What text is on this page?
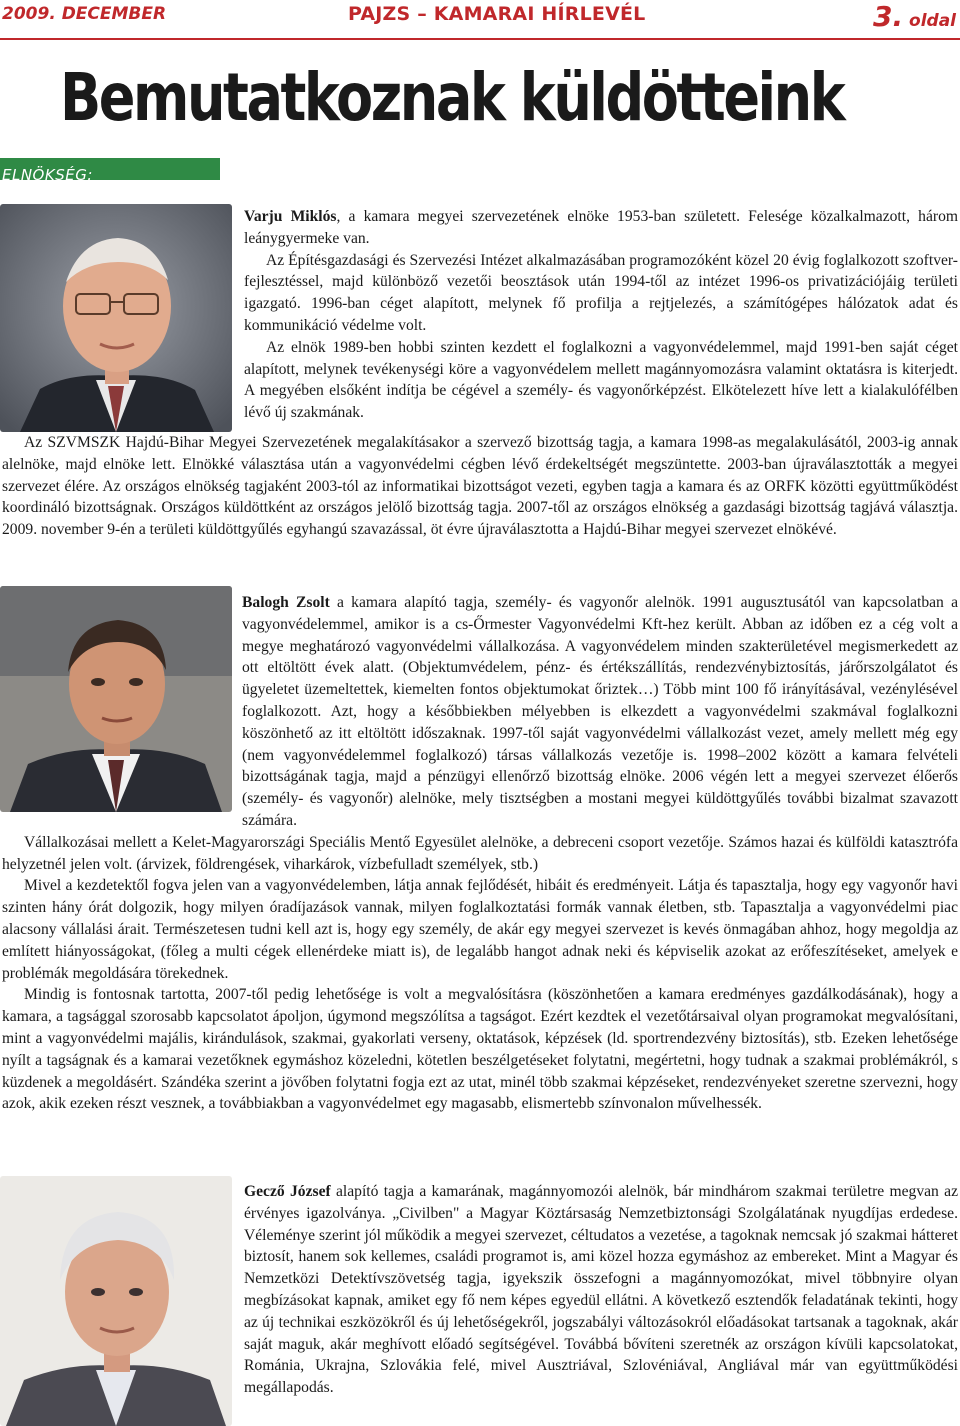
2009. DECEMBER	PAJZS – KAMARAI HÍRLEVÉL	3. oldal
Bemutatkoznak küldötteink
ELNÖKSÉG:

Varju Miklós, a kamara megyei szervezetének elnöke 1953-ban született. Felesége közalkalmazott, három leánygyermeke van.

Az Építésgazdasági és Szervezési Intézet alkalmazásában programozóként közel 20 évig foglalkozott szoftver-fejlesztéssel, majd különböző vezetői beosztások után 1994-től az intézet 1996-os privatizációjáig területi igazgató. 1996-ban céget alapított, melynek fő profilja a rejtjelezés, a számítógépes hálózatok adat és kommunikáció védelme volt.

Az elnök 1989-ben hobbi szinten kezdett el foglalkozni a vagyonvédelemmel, majd 1991-ben saját céget alapított, melynek tevékenységi köre a vagyonvédelem mellett magánnyomozásra valamint oktatásra is kiterjedt. A megyében elsőként indítja be cégével a személy- és vagyonőrképzést. Elkötelezett híve lett a kialakulófélben lévő új szakmának.

Az SZVMSZK Hajdú-Bihar Megyei Szervezetének megalakításakor a szervező bizottság tagja, a kamara 1998-as megalakulásától, 2003-ig annak alelnöke, majd elnöke lett. Elnökké választása után a vagyonvédelmi cégben lévő érdekeltségét megszüntette. 2003-ban újraválasztották a megyei szervezet élére. Az országos elnökség tagjaként 2003-tól az informatikai bizottságot vezeti, egyben tagja a kamara és az ORFK közötti együttműködést koordináló bizottságnak. Országos küldöttként az országos jelölő bizottság tagja. 2007-től az országos elnökség a gazdasági bizottság tagjává választja. 2009. november 9-én a területi küldöttgyűlés egyhangú szavazással, öt évre újraválasztotta a Hajdú-Bihar megyei szervezet elnökévé.

Balogh Zsolt a kamara alapító tagja, személy- és vagyonőr alelnök. 1991 augusztusától van kapcsolatban a vagyonvédelemmel, amikor is a cs-Őrmester Vagyonvédelmi Kft-hez került. Abban az időben ez a cég volt a megye meghatározó vagyonvédelmi vállalkozása. A vagyonvédelem minden szakterületével megismerkedett az ott eltöltött évek alatt. (Objektumvédelem, pénz- és értékszállítás, rendezvénybiztosítás, járőrszolgálatot és ügyeletet üzemeltettek, kiemelten fontos objektumokat őriztek…) Több mint 100 fő irányításával, vezénylésével foglalkozott. Azt, hogy a későbbiekben mélyebben is elkezdett a vagyonvédelmi szakmával foglalkozni köszönhető az itt eltöltött időszaknak. 1997-től saját vagyonvédelmi vállalkozást vezet, amely mellett még egy (nem vagyonvédelemmel foglalkozó) társas vállalkozás vezetője is. 1998–2002 között a kamara felvételi bizottságának tagja, majd a pénzügyi ellenőrző bizottság elnöke. 2006 végén lett a megyei szervezet élőerős (személy- és vagyonőr) alelnöke, mely tisztségben a mostani megyei küldöttgyűlés további bizalmat szavazott számára.

Vállalkozásai mellett a Kelet-Magyarországi Speciális Mentő Egyesület alelnöke, a debreceni csoport vezetője. Számos hazai és külföldi katasztrófa helyzetnél jelen volt. (árvizek, földrengések, viharkárok, vízbefulladt személyek, stb.)

Mivel a kezdetektől fogva jelen van a vagyonvédelemben, látja annak fejlődését, hibáit és eredményeit. Látja és tapasztalja, hogy egy vagyonőr havi szinten hány órát dolgozik, hogy milyen óradíjazások vannak, milyen foglalkoztatási formák vannak életben, stb. Tapasztalja a vagyonvédelmi piac alacsony vállalási árait. Természetesen tudni kell azt is, hogy egy személy, de akár egy megyei szervezet is kevés önmagában ahhoz, hogy megoldja az említett hiányosságokat, (főleg a multi cégek ellenérdeke miatt is), de legalább hangot adnak neki és képviselik azokat az erőfeszítéseket, amelyek e problémák megoldására törekednek.

Mindig is fontosnak tartotta, 2007-től pedig lehetősége is volt a megvalósításra (köszönhetően a kamara eredményes gazdálkodásának), hogy a kamara, a tagsággal szorosabb kapcsolatot ápoljon, úgymond megszólítsa a tagságot. Ezért kezdtek el vezetőtársaival olyan programokat megvalósítani, mint a vagyonvédelmi majális, kirándulások, szakmai, gyakorlati verseny, oktatások, képzések (ld. sportrendezvény biztosítás), stb. Ezeken lehetősége nyílt a tagságnak és a kamarai vezetőknek egymáshoz közeledni, kötetlen beszélgetéseket folytatni, megértetni, hogy tudnak a szakmai problémákról, s küzdenek a megoldásért. Szándéka szerint a jövőben folytatni fogja ezt az utat, minél több szakmai képzéseket, rendezvényeket szeretne szervezni, hogy azok, akik ezeken részt vesznek, a továbbiakban a vagyonvédelmet egy magasabb, elismertebb színvonalon művelhessék.

Gecző József alapító tagja a kamarának, magánnyomozói alelnök, bár mindhárom szakmai területre megvan az érvényes igazolványa. „Civilben" a Magyar Köztársaság Nemzetbiztonsági Szolgálatának nyugdíjas erdedese. Véleménye szerint jól működik a megyei szervezet, céltudatos a vezetése, a tagoknak nemcsak jó szakmai hátteret biztosít, hanem sok kellemes, családi programot is, ami közel hozza egymáshoz az embereket. Mint a Magyar és Nemzetközi Detektívszövetség tagja, igyekszik összefogni a magánnyomozókat, mivel többnyire olyan megbízásokat kapnak, amiket egy fő nem képes egyedül ellátni. A következő esztendők feladatának tekinti, hogy az új technikai eszközökről és új lehetőségekről, jogszabályi változásokról előadásokat tartsanak a tagoknak, akár saját maguk, akár meghívott előadó segítségével. Továbbá bővíteni szeretnék az országon kívüli kapcsolatokat, Románia, Ukrajna, Szlovákia felé, mivel Ausztriával, Szlovéniával, Angliával már van együttműködési megállapodás.
